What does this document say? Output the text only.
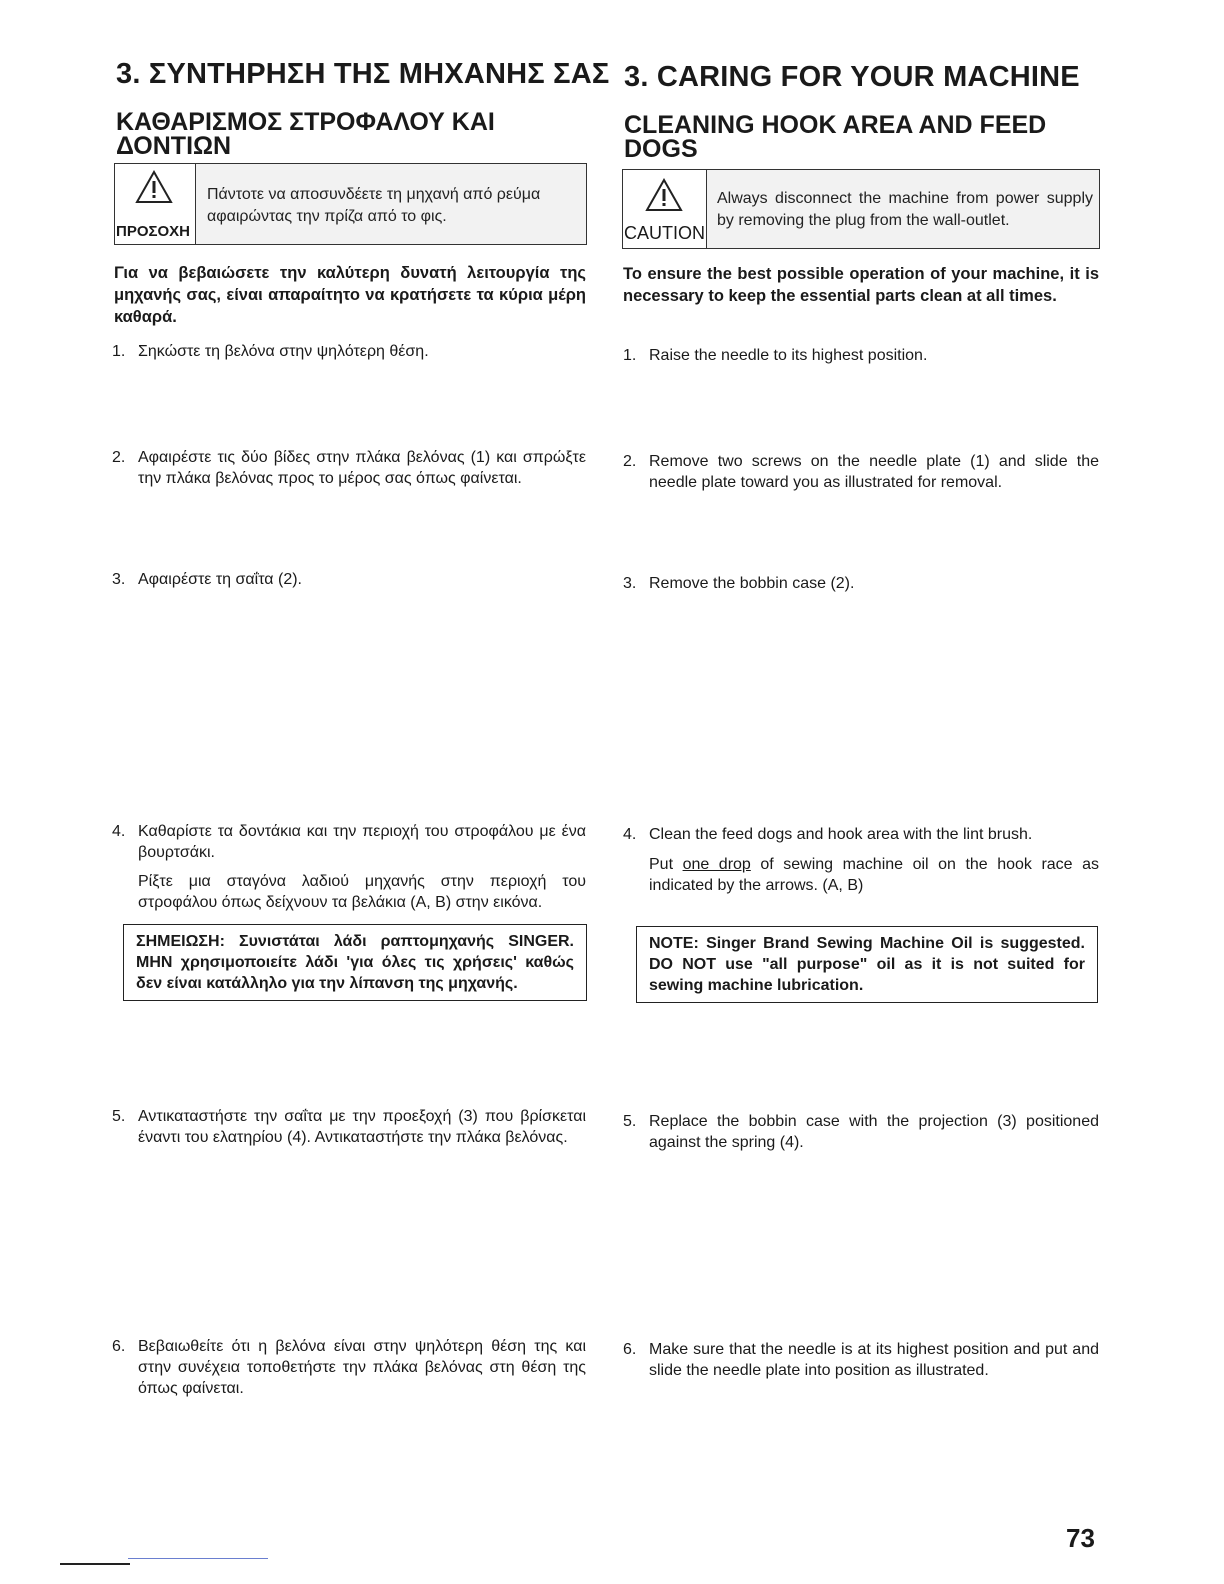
3. ΣΥΝΤΗΡΗΣΗ ΤΗΣ ΜΗΧΑΝΗΣ ΣΑΣ
ΚΑΘΑΡΙΣΜΟΣ ΣΤΡΟΦΑΛΟΥ ΚΑΙ
ΔΟΝΤΙΩΝ
ΠΡΟΣΟΧΗ
Πάντοτε να αποσυνδέετε τη μηχανή από ρεύμα αφαιρώντας την πρίζα από το φις.
Για να βεβαιώσετε την καλύτερη δυνατή λειτουργία της μηχανής σας, είναι απαραίτητο να κρατήσετε τα κύρια μέρη καθαρά.
1. Σηκώστε τη βελόνα στην ψηλότερη θέση.
2. Αφαιρέστε τις δύο βίδες στην πλάκα βελόνας (1) και σπρώξτε την πλάκα βελόνας προς το μέρος σας όπως φαίνεται.
3. Αφαιρέστε τη σαΐτα (2).
4. Καθαρίστε τα δοντάκια και την περιοχή του στροφάλου με ένα βουρτσάκι.
Ρίξτε μια σταγόνα λαδιού μηχανής στην περιοχή του στροφάλου όπως δείχνουν τα βελάκια (A, B) στην εικόνα.
ΣΗΜΕΙΩΣΗ: Συνιστάται λάδι ραπτομηχανής SINGER. ΜΗΝ χρησιμοποιείτε λάδι 'για όλες τις χρήσεις' καθώς δεν είναι κατάλληλο για την λίπανση της μηχανής.
5. Αντικαταστήστε την σαΐτα με την προεξοχή (3) που βρίσκεται έναντι του ελατηρίου (4). Αντικαταστήστε την πλάκα βελόνας.
6. Βεβαιωθείτε ότι η βελόνα είναι στην ψηλότερη θέση της και στην συνέχεια τοποθετήστε την πλάκα βελόνας στη θέση της όπως φαίνεται.
3. CARING FOR YOUR MACHINE
CLEANING HOOK AREA AND FEED
DOGS
CAUTION
Always disconnect the machine from power supply by removing the plug from the wall-outlet.
To ensure the best possible operation of your machine, it is necessary to keep the essential parts clean at all times.
1. Raise the needle to its highest position.
2. Remove two screws on the needle plate (1) and slide the needle plate toward you as illustrated for removal.
3. Remove the bobbin case (2).
4. Clean the feed dogs and hook area with the lint brush.
Put one drop of sewing machine oil on the hook race as indicated by the arrows. (A, B)
NOTE: Singer Brand Sewing Machine Oil is suggested. DO NOT use "all purpose" oil as it is not suited for sewing machine lubrication.
5. Replace the bobbin case with the projection (3) positioned against the spring (4).
6. Make sure that the needle is at its highest position and put and slide the needle plate into position as illustrated.
73
